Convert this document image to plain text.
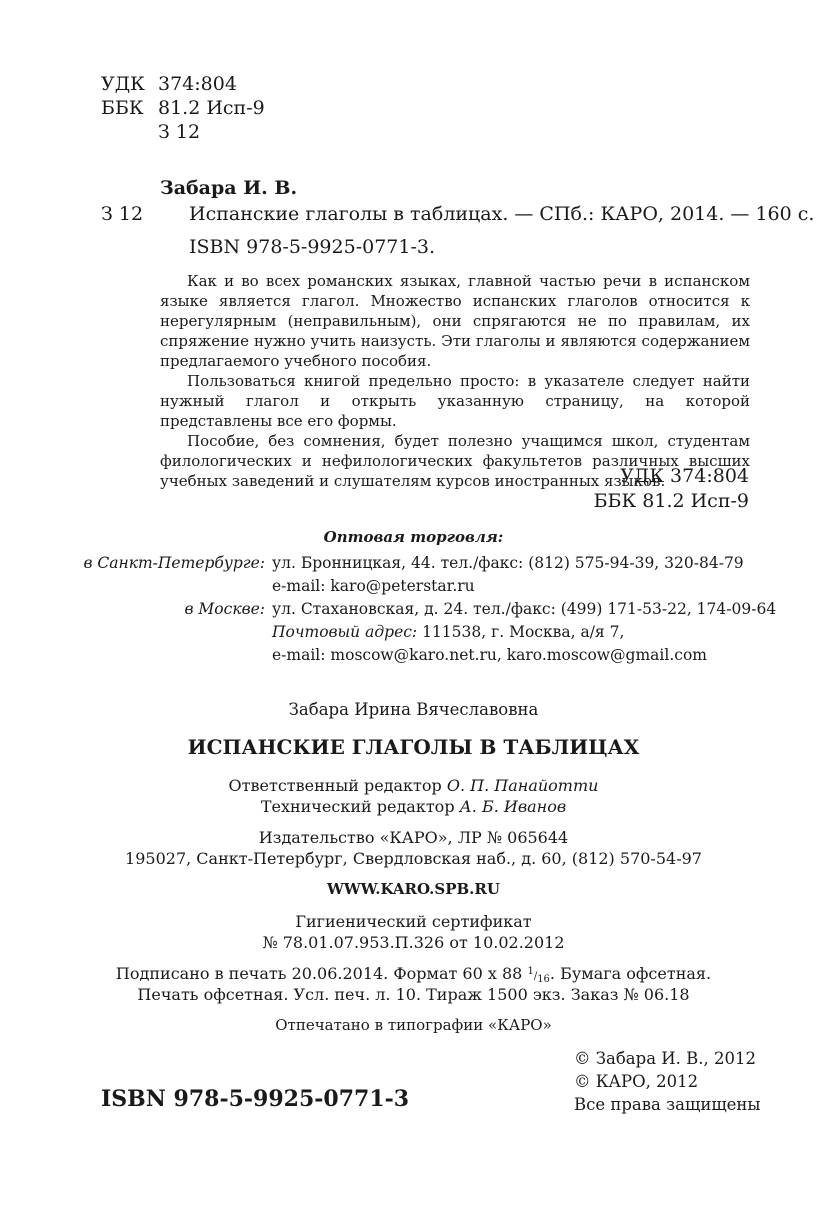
УДК 374:804
ББК 81.2 Исп-9
З 12
Забара И. В.
З 12 Испанские глаголы в таблицах. — СПб.: КАРО, 2014. — 160 с.
ISBN 978-5-9925-0771-3.

Как и во всех романских языках, главной частью речи в испанском языке является глагол. Множество испанских глаголов относится к нерегулярным (неправильным), они спрягаются не по правилам, их спряжение нужно учить наизусть. Эти глаголы и являются содержанием предлагаемого учебного пособия.

Пользоваться книгой предельно просто: в указателе следует найти нужный глагол и открыть указанную страницу, на которой представлены все его формы.

Пособие, без сомнения, будет полезно учащимся школ, студентам филологических и нефилологических факультетов различных высших учебных заведений и слушателям курсов иностранных языков.

УДК 374:804
ББК 81.2 Исп-9
Оптовая торговля:
в Санкт-Петербурге: ул. Бронницкая, 44. тел./факс: (812) 575-94-39, 320-84-79
e-mail: karo@peterstar.ru
в Москве: ул. Стахановская, д. 24. тел./факс: (499) 171-53-22, 174-09-64
Почтовый адрес: 111538, г. Москва, а/я 7,
e-mail: moscow@karo.net.ru, karo.moscow@gmail.com
Забара Ирина Вячеславовна
ИСПАНСКИЕ ГЛАГОЛЫ В ТАБЛИЦАХ
Ответственный редактор О. П. Панайотти
Технический редактор А. Б. Иванов
Издательство «КАРО», ЛР № 065644
195027, Санкт-Петербург, Свердловская наб., д. 60, (812) 570-54-97
WWW.KARO.SPB.RU
Гигиенический сертификат
№ 78.01.07.953.П.326 от 10.02.2012
Подписано в печать 20.06.2014. Формат 60 х 88 $^1/_{16}$. Бумага офсетная.
Печать офсетная. Усл. печ. л. 10. Тираж 1500 экз. Заказ № 06.18
Отпечатано в типографии «КАРО»
ISBN 978-5-9925-0771-3
© Забара И. В., 2012
© КАРО, 2012
Все права защищены
